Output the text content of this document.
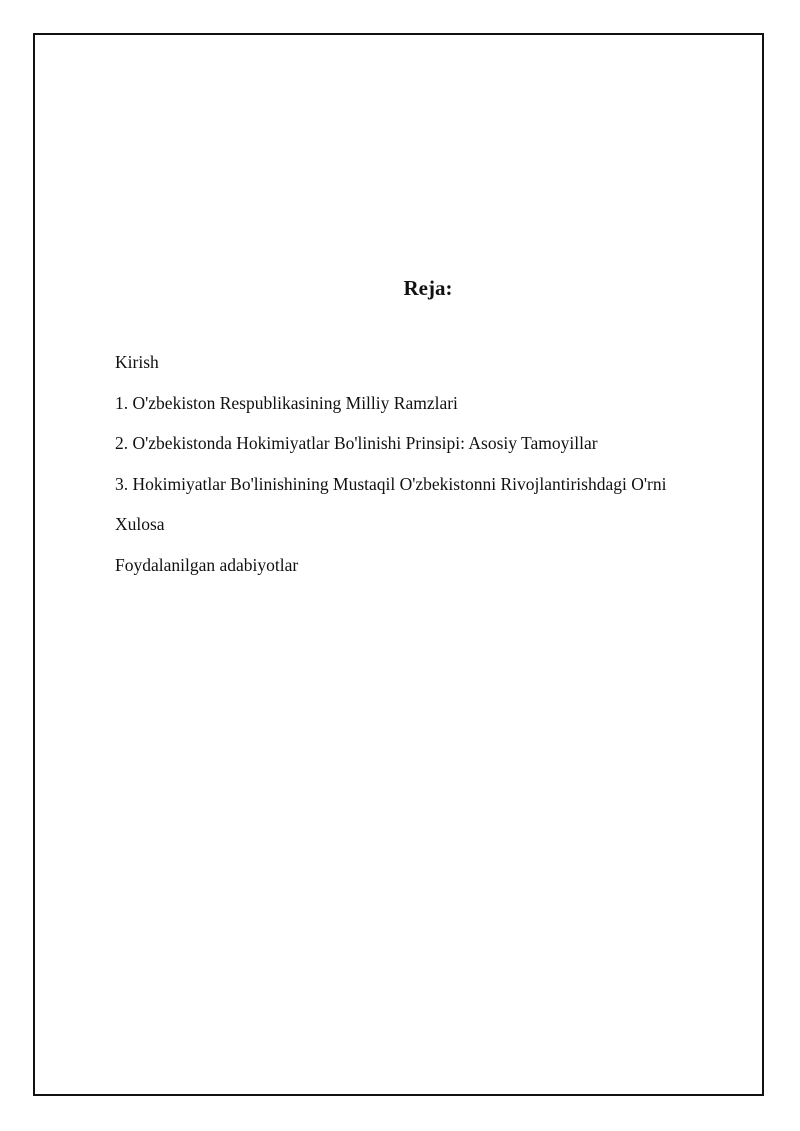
Reja:
Kirish
1. O'zbekiston Respublikasining Milliy Ramzlari
2. O'zbekistonda Hokimiyatlar Bo'linishi Prinsipi: Asosiy Tamoyillar
3. Hokimiyatlar Bo'linishining Mustaqil O'zbekistonni Rivojlantirishdagi O'rni
Xulosa
Foydalanilgan adabiyotlar
